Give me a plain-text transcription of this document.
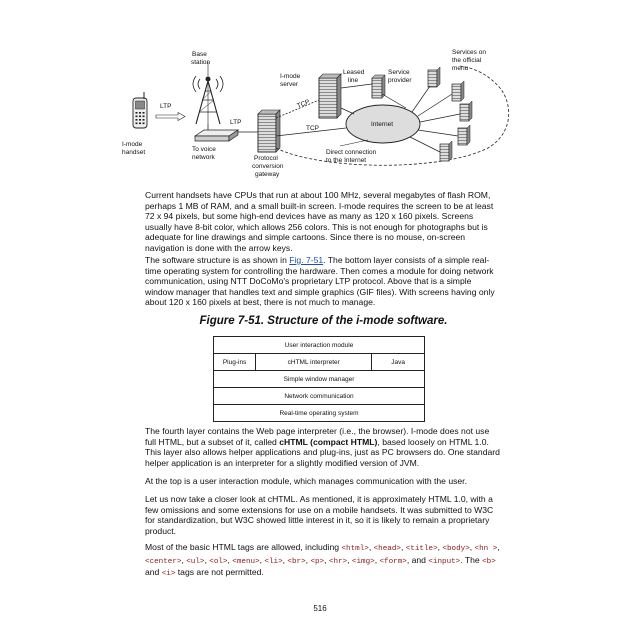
I-mode
handset
LTP
Base
station
To voice
network
LTP
Protocol
conversion
gateway
I-mode
server
TCP
Leased
line
Service
provider
Internet
TCP
Direct connection
to the Internet
Services on
the official
menu

Current handsets have CPUs that run at about 100 MHz, several megabytes of flash ROM, perhaps 1 MB of RAM, and a small built-in screen. I-mode requires the screen to be at least 72 x 94 pixels, but some high-end devices have as many as 120 x 160 pixels. Screens usually have 8-bit color, which allows 256 colors. This is not enough for photographs but is adequate for line drawings and simple cartoons. Since there is no mouse, on-screen navigation is done with the arrow keys.

The software structure is as shown in Fig. 7-51. The bottom layer consists of a simple real-time operating system for controlling the hardware. Then comes a module for doing network communication, using NTT DoCoMo's proprietary LTP protocol. Above that is a simple window manager that handles text and simple graphics (GIF files). With screens having only about 120 x 160 pixels at best, there is not much to manage.

Figure 7-51. Structure of the i-mode software.

User interaction module
Plug-ins	cHTML interpreter	Java
Simple window manager
Network communication
Real-time operating system

The fourth layer contains the Web page interpreter (i.e., the browser). I-mode does not use full HTML, but a subset of it, called cHTML (compact HTML), based loosely on HTML 1.0. This layer also allows helper applications and plug-ins, just as PC browsers do. One standard helper application is an interpreter for a slightly modified version of JVM.

At the top is a user interaction module, which manages communication with the user.

Let us now take a closer look at cHTML. As mentioned, it is approximately HTML 1.0, with a few omissions and some extensions for use on a mobile handsets. It was submitted to W3C for standardization, but W3C showed little interest in it, so it is likely to remain a proprietary product.

Most of the basic HTML tags are allowed, including <html>, <head>, <title>, <body>, <hn >, <center>, <ul>, <ol>, <menu>, <li>, <br>, <p>, <hr>, <img>, <form>, and <input>. The <b> and <i> tags are not permitted.

516
